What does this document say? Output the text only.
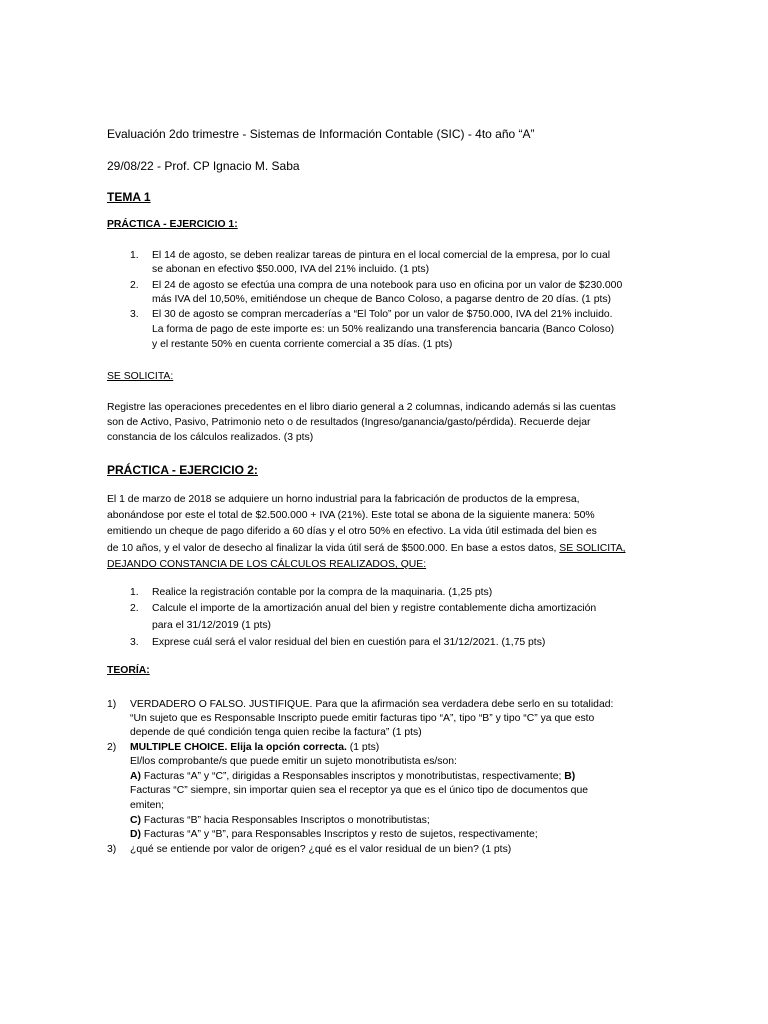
Evaluación 2do trimestre - Sistemas de Información Contable (SIC) - 4to año “A”
29/08/22 - Prof. CP Ignacio M. Saba
TEMA 1
PRÁCTICA - EJERCICIO 1:
1. El 14 de agosto, se deben realizar tareas de pintura en el local comercial de la empresa, por lo cual
se abonan en efectivo $50.000, IVA del 21% incluido. (1 pts)
2. El 24 de agosto se efectúa una compra de una notebook para uso en oficina por un valor de $230.000
más IVA del 10,50%, emitiéndose un cheque de Banco Coloso, a pagarse dentro de 20 días. (1 pts)
3. El 30 de agosto se compran mercaderías a “El Tolo” por un valor de $750.000, IVA del 21% incluido.
La forma de pago de este importe es: un 50% realizando una transferencia bancaria (Banco Coloso)
y el restante 50% en cuenta corriente comercial a 35 días. (1 pts)
SE SOLICITA:
Registre las operaciones precedentes en el libro diario general a 2 columnas, indicando además si las cuentas
son de Activo, Pasivo, Patrimonio neto o de resultados (Ingreso/ganancia/gasto/pérdida). Recuerde dejar
constancia de los cálculos realizados. (3 pts)
PRÁCTICA - EJERCICIO 2:
El 1 de marzo de 2018 se adquiere un horno industrial para la fabricación de productos de la empresa,
abonándose por este el total de $2.500.000 + IVA (21%). Este total se abona de la siguiente manera: 50%
emitiendo un cheque de pago diferido a 60 días y el otro 50% en efectivo. La vida útil estimada del bien es
de 10 años, y el valor de desecho al finalizar la vida útil será de $500.000. En base a estos datos, SE SOLICITA,
DEJANDO CONSTANCIA DE LOS CÁLCULOS REALIZADOS, QUE:
1. Realice la registración contable por la compra de la maquinaria. (1,25 pts)
2. Calcule el importe de la amortización anual del bien y registre contablemente dicha amortización
para el 31/12/2019 (1 pts)
3. Exprese cuál será el valor residual del bien en cuestión para el 31/12/2021. (1,75 pts)
TEORÍA:
1) VERDADERO O FALSO. JUSTIFIQUE. Para que la afirmación sea verdadera debe serlo en su totalidad:
“Un sujeto que es Responsable Inscripto puede emitir facturas tipo “A”, tipo “B” y tipo “C” ya que esto
depende de qué condición tenga quien recibe la factura” (1 pts)
2) MULTIPLE CHOICE. Elija la opción correcta. (1 pts)
El/los comprobante/s que puede emitir un sujeto monotributista es/son:
A) Facturas “A” y “C”, dirigidas a Responsables inscriptos y monotributistas, respectivamente; B)
Facturas “C” siempre, sin importar quien sea el receptor ya que es el único tipo de documentos que
emiten;
C) Facturas “B” hacia Responsables Inscriptos o monotributistas;
D) Facturas “A” y “B”, para Responsables Inscriptos y resto de sujetos, respectivamente;
3) ¿qué se entiende por valor de origen? ¿qué es el valor residual de un bien? (1 pts)
